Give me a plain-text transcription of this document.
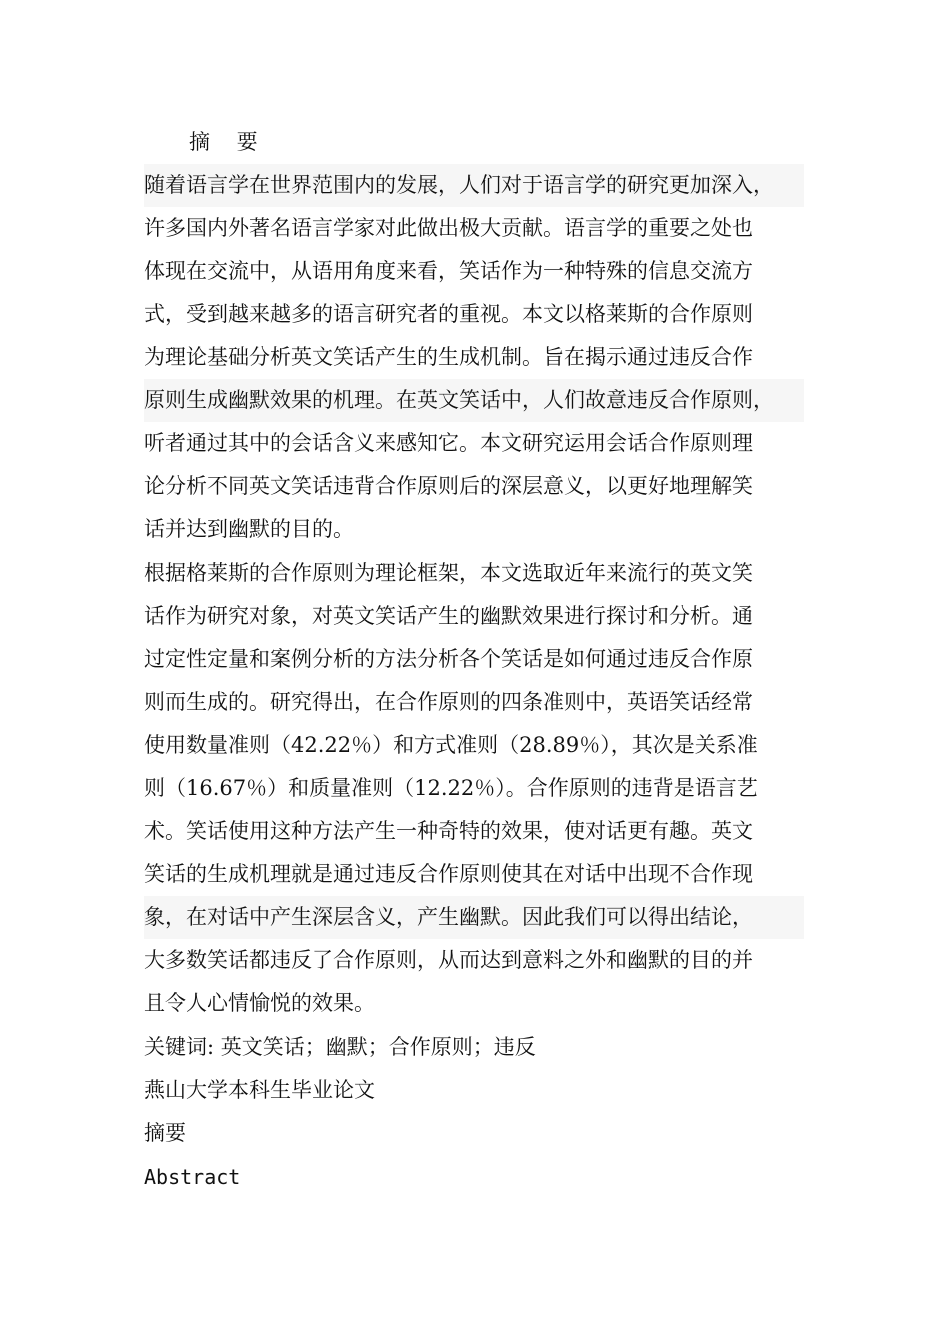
摘 要
随着语言学在世界范围内的发展，人们对于语言学的研究更加深入，
许多国内外著名语言学家对此做出极大贡献。语言学的重要之处也
体现在交流中，从语用角度来看，笑话作为一种特殊的信息交流方
式，受到越来越多的语言研究者的重视。本文以格莱斯的合作原则
为理论基础分析英文笑话产生的生成机制。旨在揭示通过违反合作
原则生成幽默效果的机理。在英文笑话中，人们故意违反合作原则，
听者通过其中的会话含义来感知它。本文研究运用会话合作原则理
论分析不同英文笑话违背合作原则后的深层意义，以更好地理解笑
话并达到幽默的目的。
根据格莱斯的合作原则为理论框架，本文选取近年来流行的英文笑
话作为研究对象，对英文笑话产生的幽默效果进行探讨和分析。通
过定性定量和案例分析的方法分析各个笑话是如何通过违反合作原
则而生成的。研究得出，在合作原则的四条准则中，英语笑话经常
使用数量准则（42.22％）和方式准则（28.89％），其次是关系准
则（16.67％）和质量准则（12.22％）。合作原则的违背是语言艺
术。笑话使用这种方法产生一种奇特的效果，使对话更有趣。英文
笑话的生成机理就是通过违反合作原则使其在对话中出现不合作现
象，在对话中产生深层含义，产生幽默。因此我们可以得出结论，
大多数笑话都违反了合作原则，从而达到意料之外和幽默的目的并
且令人心情愉悦的效果。
关键词: 英文笑话；幽默；合作原则；违反
燕山大学本科生毕业论文
摘要
Abstract
